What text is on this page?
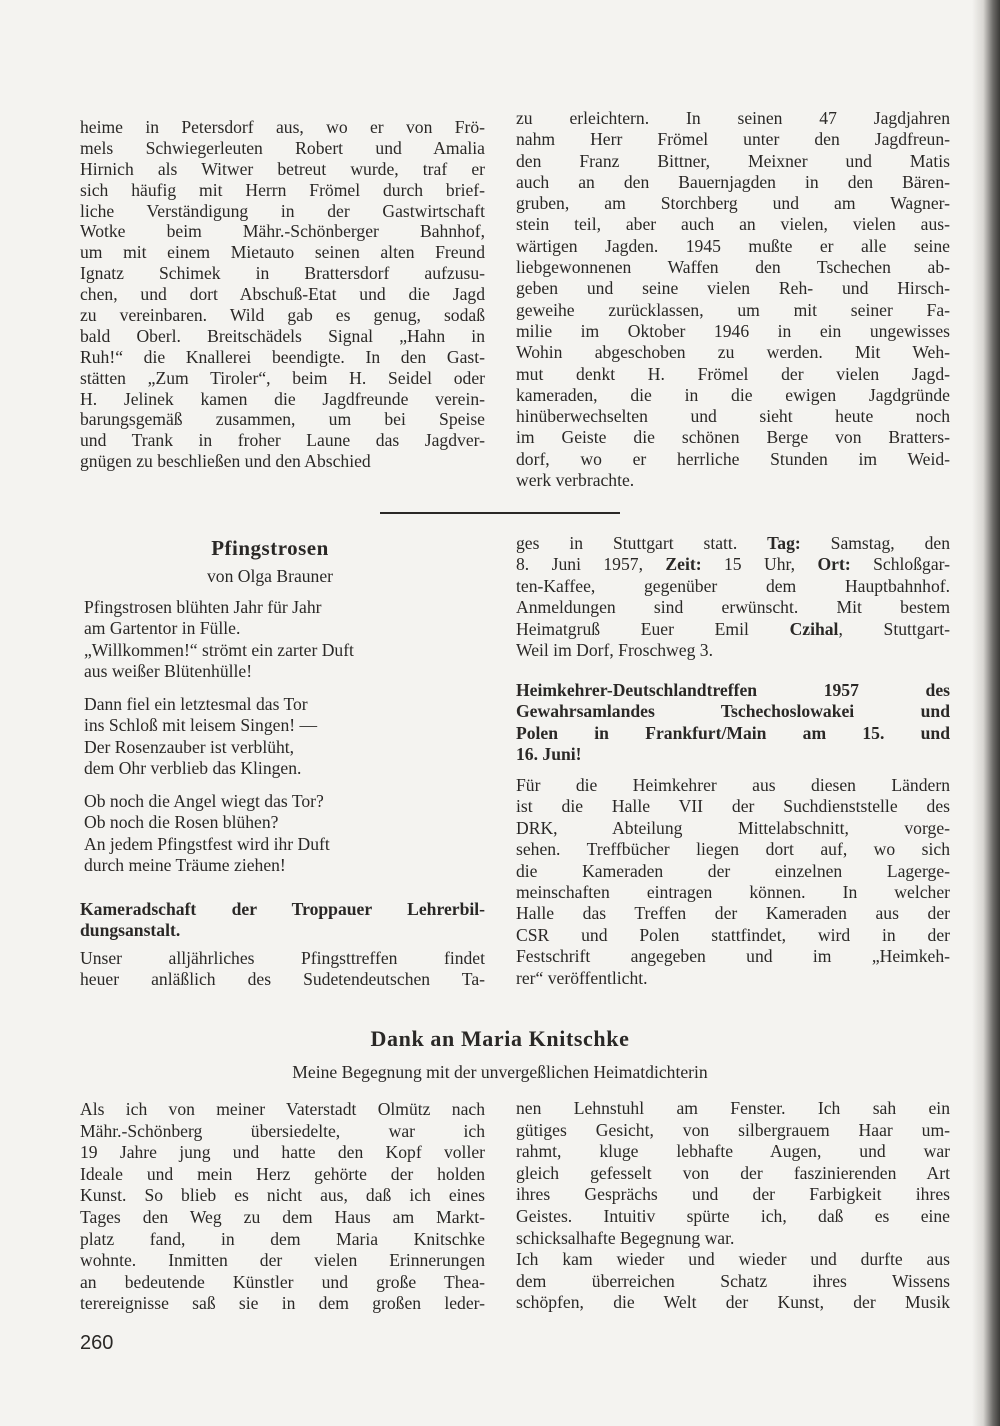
heime in Petersdorf aus, wo er von Frö-
mels Schwiegerleuten Robert und Amalia
Hirnich als Witwer betreut wurde, traf er
sich häufig mit Herrn Frömel durch brief-
liche Verständigung in der Gastwirtschaft
Wotke beim Mähr.-Schönberger Bahnhof,
um mit einem Mietauto seinen alten Freund
Ignatz Schimek in Brattersdorf aufzusu-
chen, und dort Abschuß-Etat und die Jagd
zu vereinbaren. Wild gab es genug, sodaß
bald Oberl. Breitschädels Signal „Hahn in
Ruh!“ die Knallerei beendigte. In den Gast-
stätten „Zum Tiroler“, beim H. Seidel oder
H. Jelinek kamen die Jagdfreunde verein-
barungsgemäß zusammen, um bei Speise
und Trank in froher Laune das Jagdver-
gnügen zu beschließen und den Abschied
zu erleichtern. In seinen 47 Jagdjahren
nahm Herr Frömel unter den Jagdfreun-
den Franz Bittner, Meixner und Matis
auch an den Bauernjagden in den Bären-
gruben, am Storchberg und am Wagner-
stein teil, aber auch an vielen, vielen aus-
wärtigen Jagden. 1945 mußte er alle seine
liebgewonnenen Waffen den Tschechen ab-
geben und seine vielen Reh- und Hirsch-
geweihe zurücklassen, um mit seiner Fa-
milie im Oktober 1946 in ein ungewisses
Wohin abgeschoben zu werden. Mit Weh-
mut denkt H. Frömel der vielen Jagd-
kameraden, die in die ewigen Jagdgründe
hinüberwechselten und sieht heute noch
im Geiste die schönen Berge von Bratters-
dorf, wo er herrliche Stunden im Weid-
werk verbrachte.
Pfingstrosen
von Olga Brauner
Pfingstrosen blühten Jahr für Jahr
am Gartentor in Fülle.
„Willkommen!“ strömt ein zarter Duft
aus weißer Blütenhülle!
Dann fiel ein letztesmal das Tor
ins Schloß mit leisem Singen! —
Der Rosenzauber ist verblüht,
dem Ohr verblieb das Klingen.
Ob noch die Angel wiegt das Tor?
Ob noch die Rosen blühen?
An jedem Pfingstfest wird ihr Duft
durch meine Träume ziehen!
Kameradschaft der Troppauer Lehrerbil-
dungsanstalt.
Unser alljährliches Pfingsttreffen findet
heuer anläßlich des Sudetendeutschen Ta-
ges in Stuttgart statt. Tag: Samstag, den
8. Juni 1957, Zeit: 15 Uhr, Ort: Schloßgar-
ten-Kaffee, gegenüber dem Hauptbahnhof.
Anmeldungen sind erwünscht. Mit bestem
Heimatgruß Euer Emil Czihal, Stuttgart-
Weil im Dorf, Froschweg 3.
Heimkehrer-Deutschlandtreffen 1957 des
Gewahrsamlandes Tschechoslowakei und
Polen in Frankfurt/Main am 15. und
16. Juni!
Für die Heimkehrer aus diesen Ländern
ist die Halle VII der Suchdienststelle des
DRK, Abteilung Mittelabschnitt, vorge-
sehen. Treffbücher liegen dort auf, wo sich
die Kameraden der einzelnen Lagerge-
meinschaften eintragen können. In welcher
Halle das Treffen der Kameraden aus der
CSR und Polen stattfindet, wird in der
Festschrift angegeben und im „Heimkeh-
rer“ veröffentlicht.
Dank an Maria Knitschke
Meine Begegnung mit der unvergeßlichen Heimatdichterin
Als ich von meiner Vaterstadt Olmütz nach
Mähr.-Schönberg übersiedelte, war ich
19 Jahre jung und hatte den Kopf voller
Ideale und mein Herz gehörte der holden
Kunst. So blieb es nicht aus, daß ich eines
Tages den Weg zu dem Haus am Markt-
platz fand, in dem Maria Knitschke
wohnte. Inmitten der vielen Erinnerungen
an bedeutende Künstler und große Thea-
terereignisse saß sie in dem großen leder-
nen Lehnstuhl am Fenster. Ich sah ein
gütiges Gesicht, von silbergrauem Haar um-
rahmt, kluge lebhafte Augen, und war
gleich gefesselt von der faszinierenden Art
ihres Gesprächs und der Farbigkeit ihres
Geistes. Intuitiv spürte ich, daß es eine
schicksalhafte Begegnung war.
Ich kam wieder und wieder und durfte aus
dem überreichen Schatz ihres Wissens
schöpfen, die Welt der Kunst, der Musik
260
